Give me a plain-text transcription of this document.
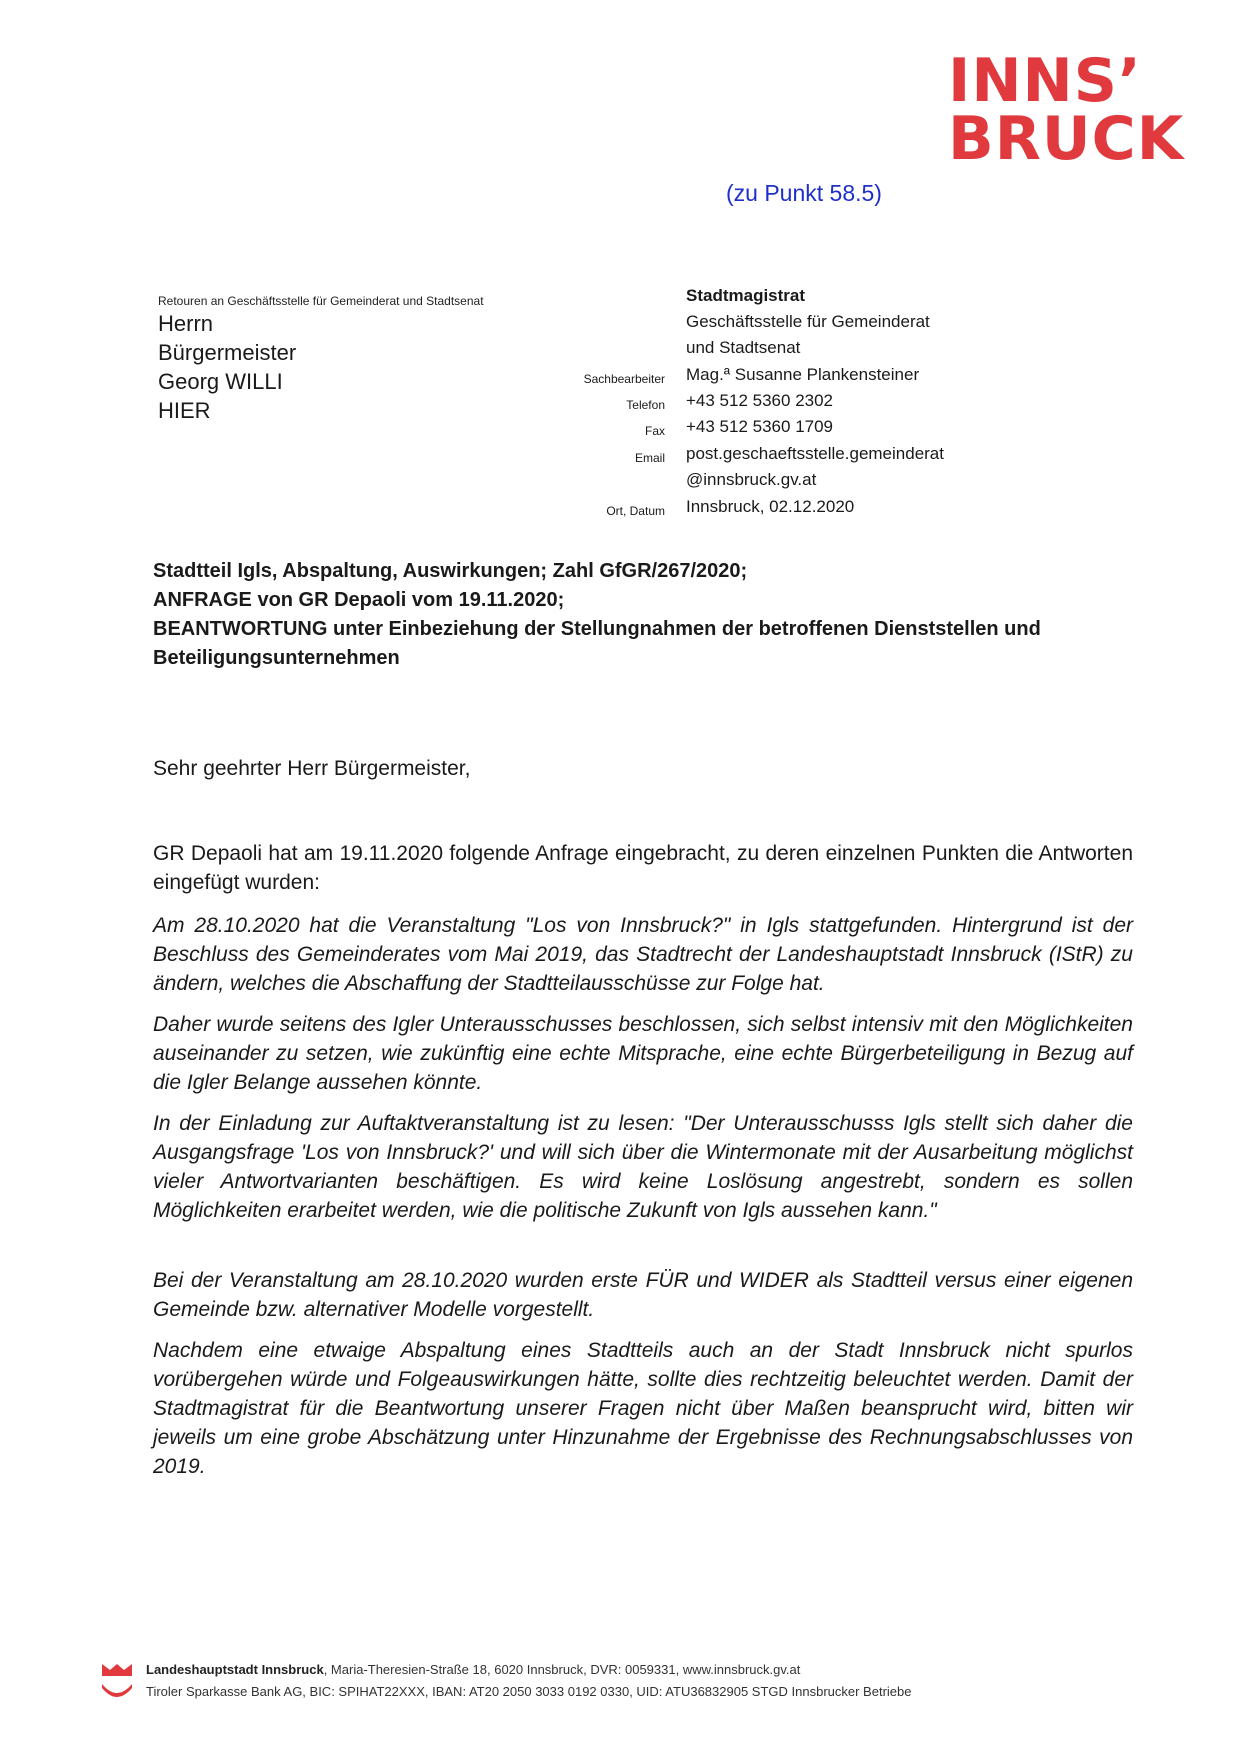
INNS’
BRUCK
(zu Punkt 58.5)
Retouren an Geschäftsstelle für Gemeinderat und Stadtsenat
Herrn
Bürgermeister
Georg WILLI
HIER
Stadtmagistrat
Geschäftsstelle für Gemeinderat
und Stadtsenat
Sachbearbeiter Mag.ª Susanne Plankensteiner
Telefon +43 512 5360 2302
Fax +43 512 5360 1709
Email post.geschaeftsstelle.gemeinderat
@innsbruck.gv.at
Ort, Datum Innsbruck, 02.12.2020
Stadtteil Igls, Abspaltung, Auswirkungen; Zahl GfGR/267/2020;
ANFRAGE von GR Depaoli vom 19.11.2020;
BEANTWORTUNG unter Einbeziehung der Stellungnahmen der betroffenen Dienststellen und Beteiligungsunternehmen
Sehr geehrter Herr Bürgermeister,
GR Depaoli hat am 19.11.2020 folgende Anfrage eingebracht, zu deren einzelnen Punkten die Antworten eingefügt wurden:
Am 28.10.2020 hat die Veranstaltung "Los von Innsbruck?" in Igls stattgefunden. Hintergrund ist der Beschluss des Gemeinderates vom Mai 2019, das Stadtrecht der Landeshauptstadt Innsbruck (IStR) zu ändern, welches die Abschaffung der Stadtteilausschüsse zur Folge hat.
Daher wurde seitens des Igler Unterausschusses beschlossen, sich selbst intensiv mit den Möglichkeiten auseinander zu setzen, wie zukünftig eine echte Mitsprache, eine echte Bürgerbeteiligung in Bezug auf die Igler Belange aussehen könnte.
In der Einladung zur Auftaktveranstaltung ist zu lesen: "Der Unterausschusss Igls stellt sich daher die Ausgangsfrage 'Los von Innsbruck?' und will sich über die Wintermonate mit der Ausarbeitung möglichst vieler Antwortvarianten beschäftigen. Es wird keine Loslösung angestrebt, sondern es sollen Möglichkeiten erarbeitet werden, wie die politische Zukunft von Igls aussehen kann."
Bei der Veranstaltung am 28.10.2020 wurden erste FÜR und WIDER als Stadtteil versus einer eigenen Gemeinde bzw. alternativer Modelle vorgestellt.
Nachdem eine etwaige Abspaltung eines Stadtteils auch an der Stadt Innsbruck nicht spurlos vorübergehen würde und Folgeauswirkungen hätte, sollte dies rechtzeitig beleuchtet werden. Damit der Stadtmagistrat für die Beantwortung unserer Fragen nicht über Maßen beansprucht wird, bitten wir jeweils um eine grobe Abschätzung unter Hinzunahme der Ergebnisse des Rechnungsabschlusses von 2019.
Landeshauptstadt Innsbruck, Maria-Theresien-Straße 18, 6020 Innsbruck, DVR: 0059331, www.innsbruck.gv.at
Tiroler Sparkasse Bank AG, BIC: SPIHAT22XXX, IBAN: AT20 2050 3033 0192 0330, UID: ATU36832905 STGD Innsbrucker Betriebe
